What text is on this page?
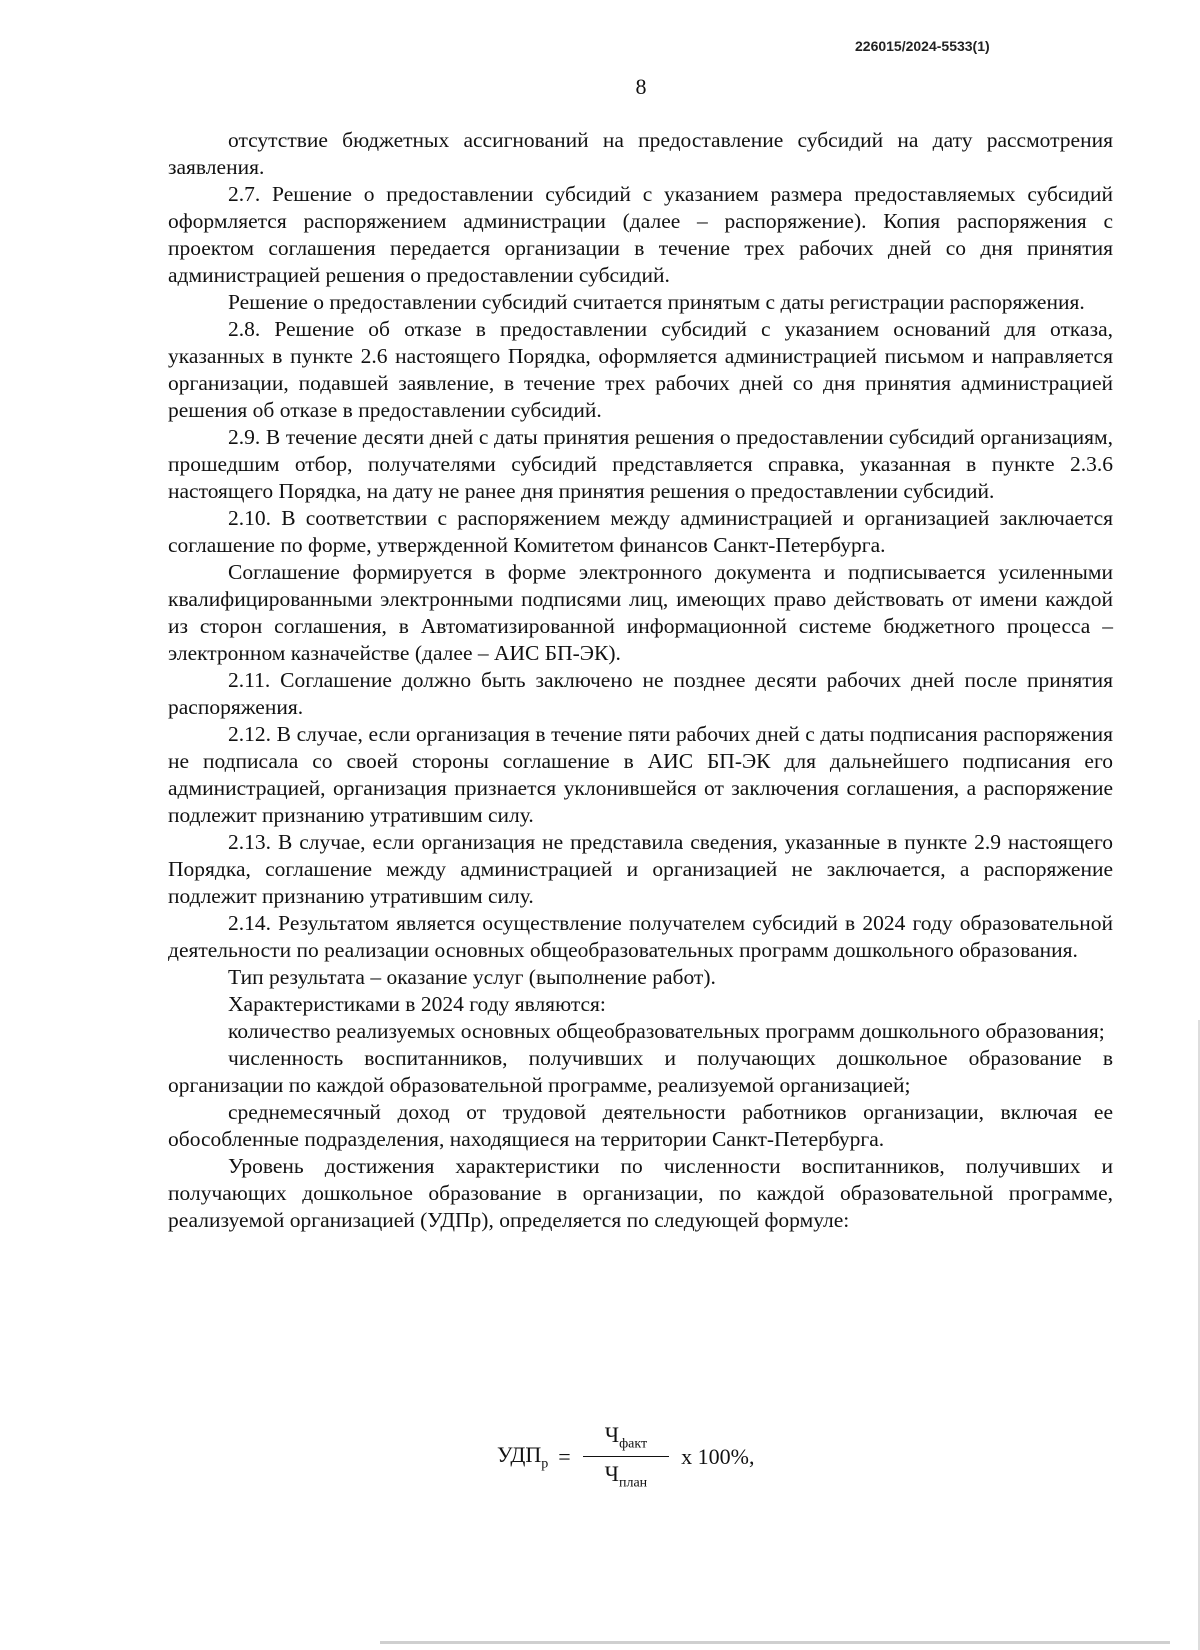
226015/2024-5533(1)
8

отсутствие бюджетных ассигнований на предоставление субсидий на дату рассмотрения заявления.

2.7. Решение о предоставлении субсидий с указанием размера предоставляемых субсидий оформляется распоряжением администрации (далее – распоряжение). Копия распоряжения с проектом соглашения передается организации в течение трех рабочих дней со дня принятия администрацией решения о предоставлении субсидий.

Решение о предоставлении субсидий считается принятым с даты регистрации распоряжения.

2.8. Решение об отказе в предоставлении субсидий с указанием оснований для отказа, указанных в пункте 2.6 настоящего Порядка, оформляется администрацией письмом и направляется организации, подавшей заявление, в течение трех рабочих дней со дня принятия администрацией решения об отказе в предоставлении субсидий.

2.9. В течение десяти дней с даты принятия решения о предоставлении субсидий организациям, прошедшим отбор, получателями субсидий представляется справка, указанная в пункте 2.3.6 настоящего Порядка, на дату не ранее дня принятия решения о предоставлении субсидий.

2.10. В соответствии с распоряжением между администрацией и организацией заключается соглашение по форме, утвержденной Комитетом финансов Санкт-Петербурга.

Соглашение формируется в форме электронного документа и подписывается усиленными квалифицированными электронными подписями лиц, имеющих право действовать от имени каждой из сторон соглашения, в Автоматизированной информационной системе бюджетного процесса – электронном казначействе (далее – АИС БП-ЭК).

2.11. Соглашение должно быть заключено не позднее десяти рабочих дней после принятия распоряжения.

2.12. В случае, если организация в течение пяти рабочих дней с даты подписания распоряжения не подписала со своей стороны соглашение в АИС БП-ЭК для дальнейшего подписания его администрацией, организация признается уклонившейся от заключения соглашения, а распоряжение подлежит признанию утратившим силу.

2.13. В случае, если организация не представила сведения, указанные в пункте 2.9 настоящего Порядка, соглашение между администрацией и организацией не заключается, а распоряжение подлежит признанию утратившим силу.

2.14. Результатом является осуществление получателем субсидий в 2024 году образовательной деятельности по реализации основных общеобразовательных программ дошкольного образования.

Тип результата – оказание услуг (выполнение работ).

Характеристиками в 2024 году являются:

количество реализуемых основных общеобразовательных программ дошкольного образования;

численность воспитанников, получивших и получающих дошкольное образование в организации по каждой образовательной программе, реализуемой организацией;

среднемесячный доход от трудовой деятельности работников организации, включая ее обособленные подразделения, находящиеся на территории Санкт-Петербурга.

Уровень достижения характеристики по численности воспитанников, получивших и получающих дошкольное образование в организации, по каждой образовательной программе, реализуемой организацией (УДПр), определяется по следующей формуле:

$УДП_р = \frac{Ч_{факт}}{Ч_{план}}$ х 100%,
